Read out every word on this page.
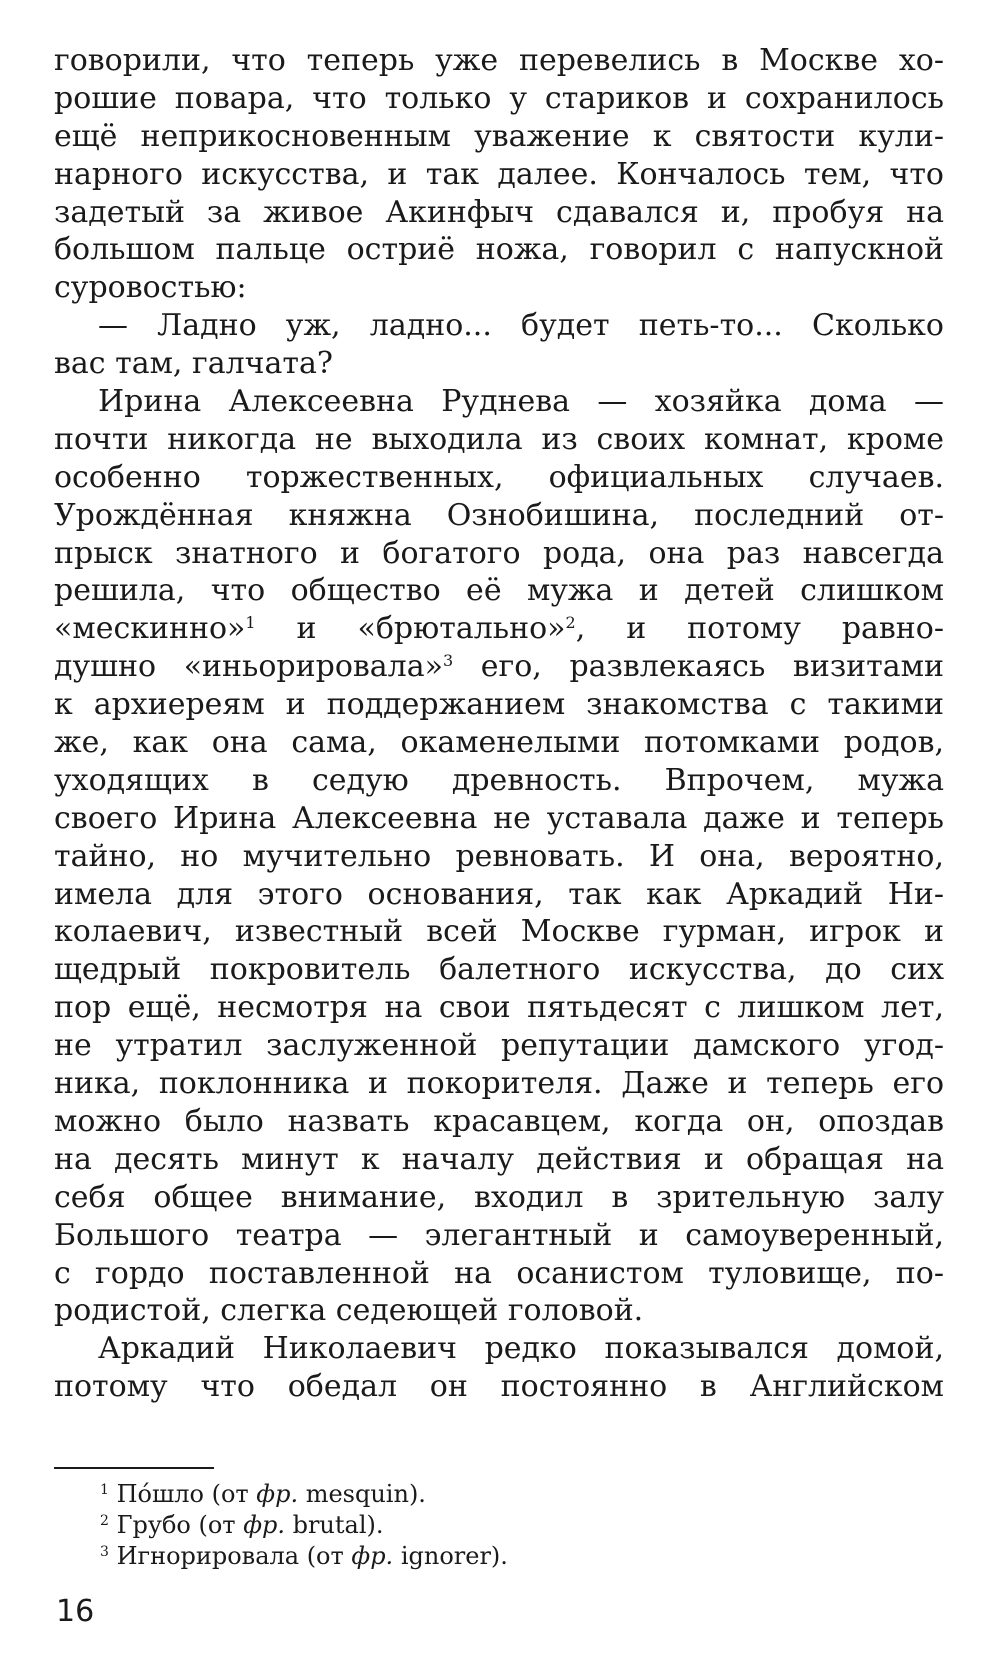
говорили, что теперь уже перевелись в Москве хо-
рошие повара, что только у стариков и сохранилось
ещё неприкосновенным уважение к святости кули-
нарного искусства, и так далее. Кончалось тем, что
задетый за живое Акинфыч сдавался и, пробуя на
большом пальце остриё ножа, говорил с напускной
суровостью:
— Ладно уж, ладно... будет петь-то... Сколько
вас там, галчата?
Ирина Алексеевна Руднева — хозяйка дома —
почти никогда не выходила из своих комнат, кроме
особенно торжественных, официальных случаев.
Урождённая княжна Ознобишина, последний от-
прыск знатного и богатого рода, она раз навсегда
решила, что общество её мужа и детей слишком
«мескинно»$^1$ и «брютально»$^2$, и потому равно-
душно «иньорировала»$^3$ его, развлекаясь визитами
к архиереям и поддержанием знакомства с такими
же, как она сама, окаменелыми потомками родов,
уходящих в седую древность. Впрочем, мужа
своего Ирина Алексеевна не уставала даже и теперь
тайно, но мучительно ревновать. И она, вероятно,
имела для этого основания, так как Аркадий Ни-
колаевич, известный всей Москве гурман, игрок и
щедрый покровитель балетного искусства, до сих
пор ещё, несмотря на свои пятьдесят с лишком лет,
не утратил заслуженной репутации дамского угод-
ника, поклонника и покорителя. Даже и теперь его
можно было назвать красавцем, когда он, опоздав
на десять минут к началу действия и обращая на
себя общее внимание, входил в зрительную залу
Большого театра — элегантный и самоуверенный,
с гордо поставленной на осанистом туловище, по-
родистой, слегка седеющей головой.
Аркадий Николаевич редко показывался домой,
потому что обедал он постоянно в Английском
$^1$ Пóшло (от фр. mesquin).
$^2$ Грубо (от фр. brutal).
$^3$ Игнорировала (от фр. ignorer).
16
